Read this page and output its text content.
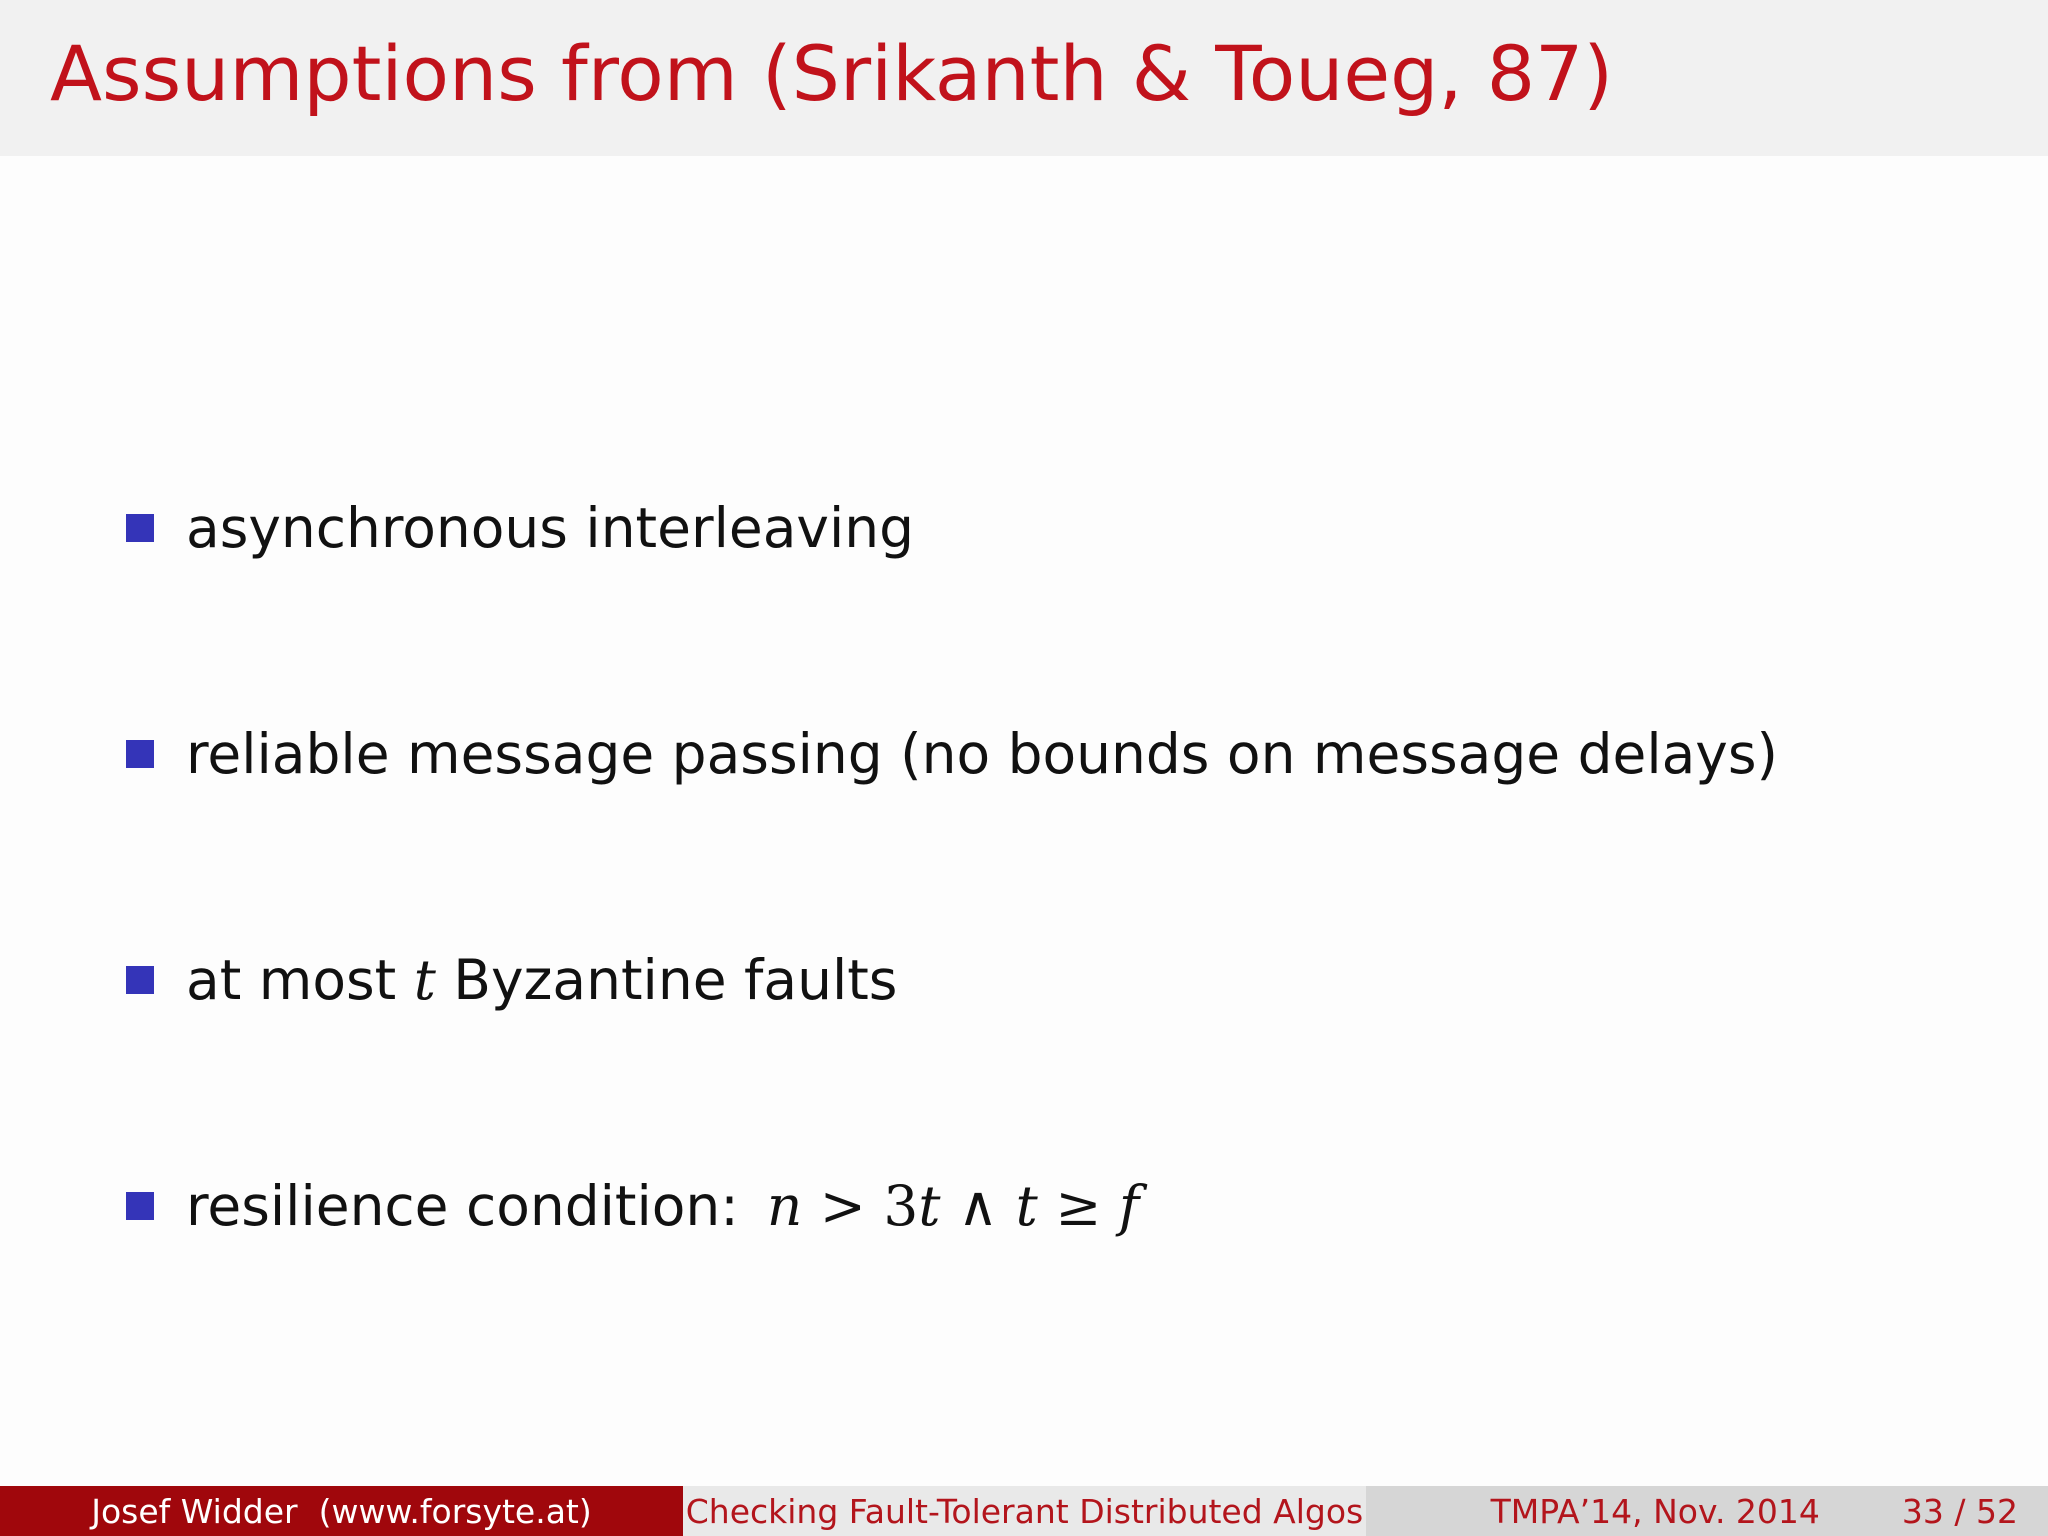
Assumptions from (Srikanth & Toueg, 87)
asynchronous interleaving
reliable message passing (no bounds on message delays)
at most t Byzantine faults
resilience condition: n > 3t ∧ t ≥ f
Josef Widder  (www.forsyte.at)	Checking Fault-Tolerant Distributed Algos	TMPA’14, Nov. 2014 33 / 52
